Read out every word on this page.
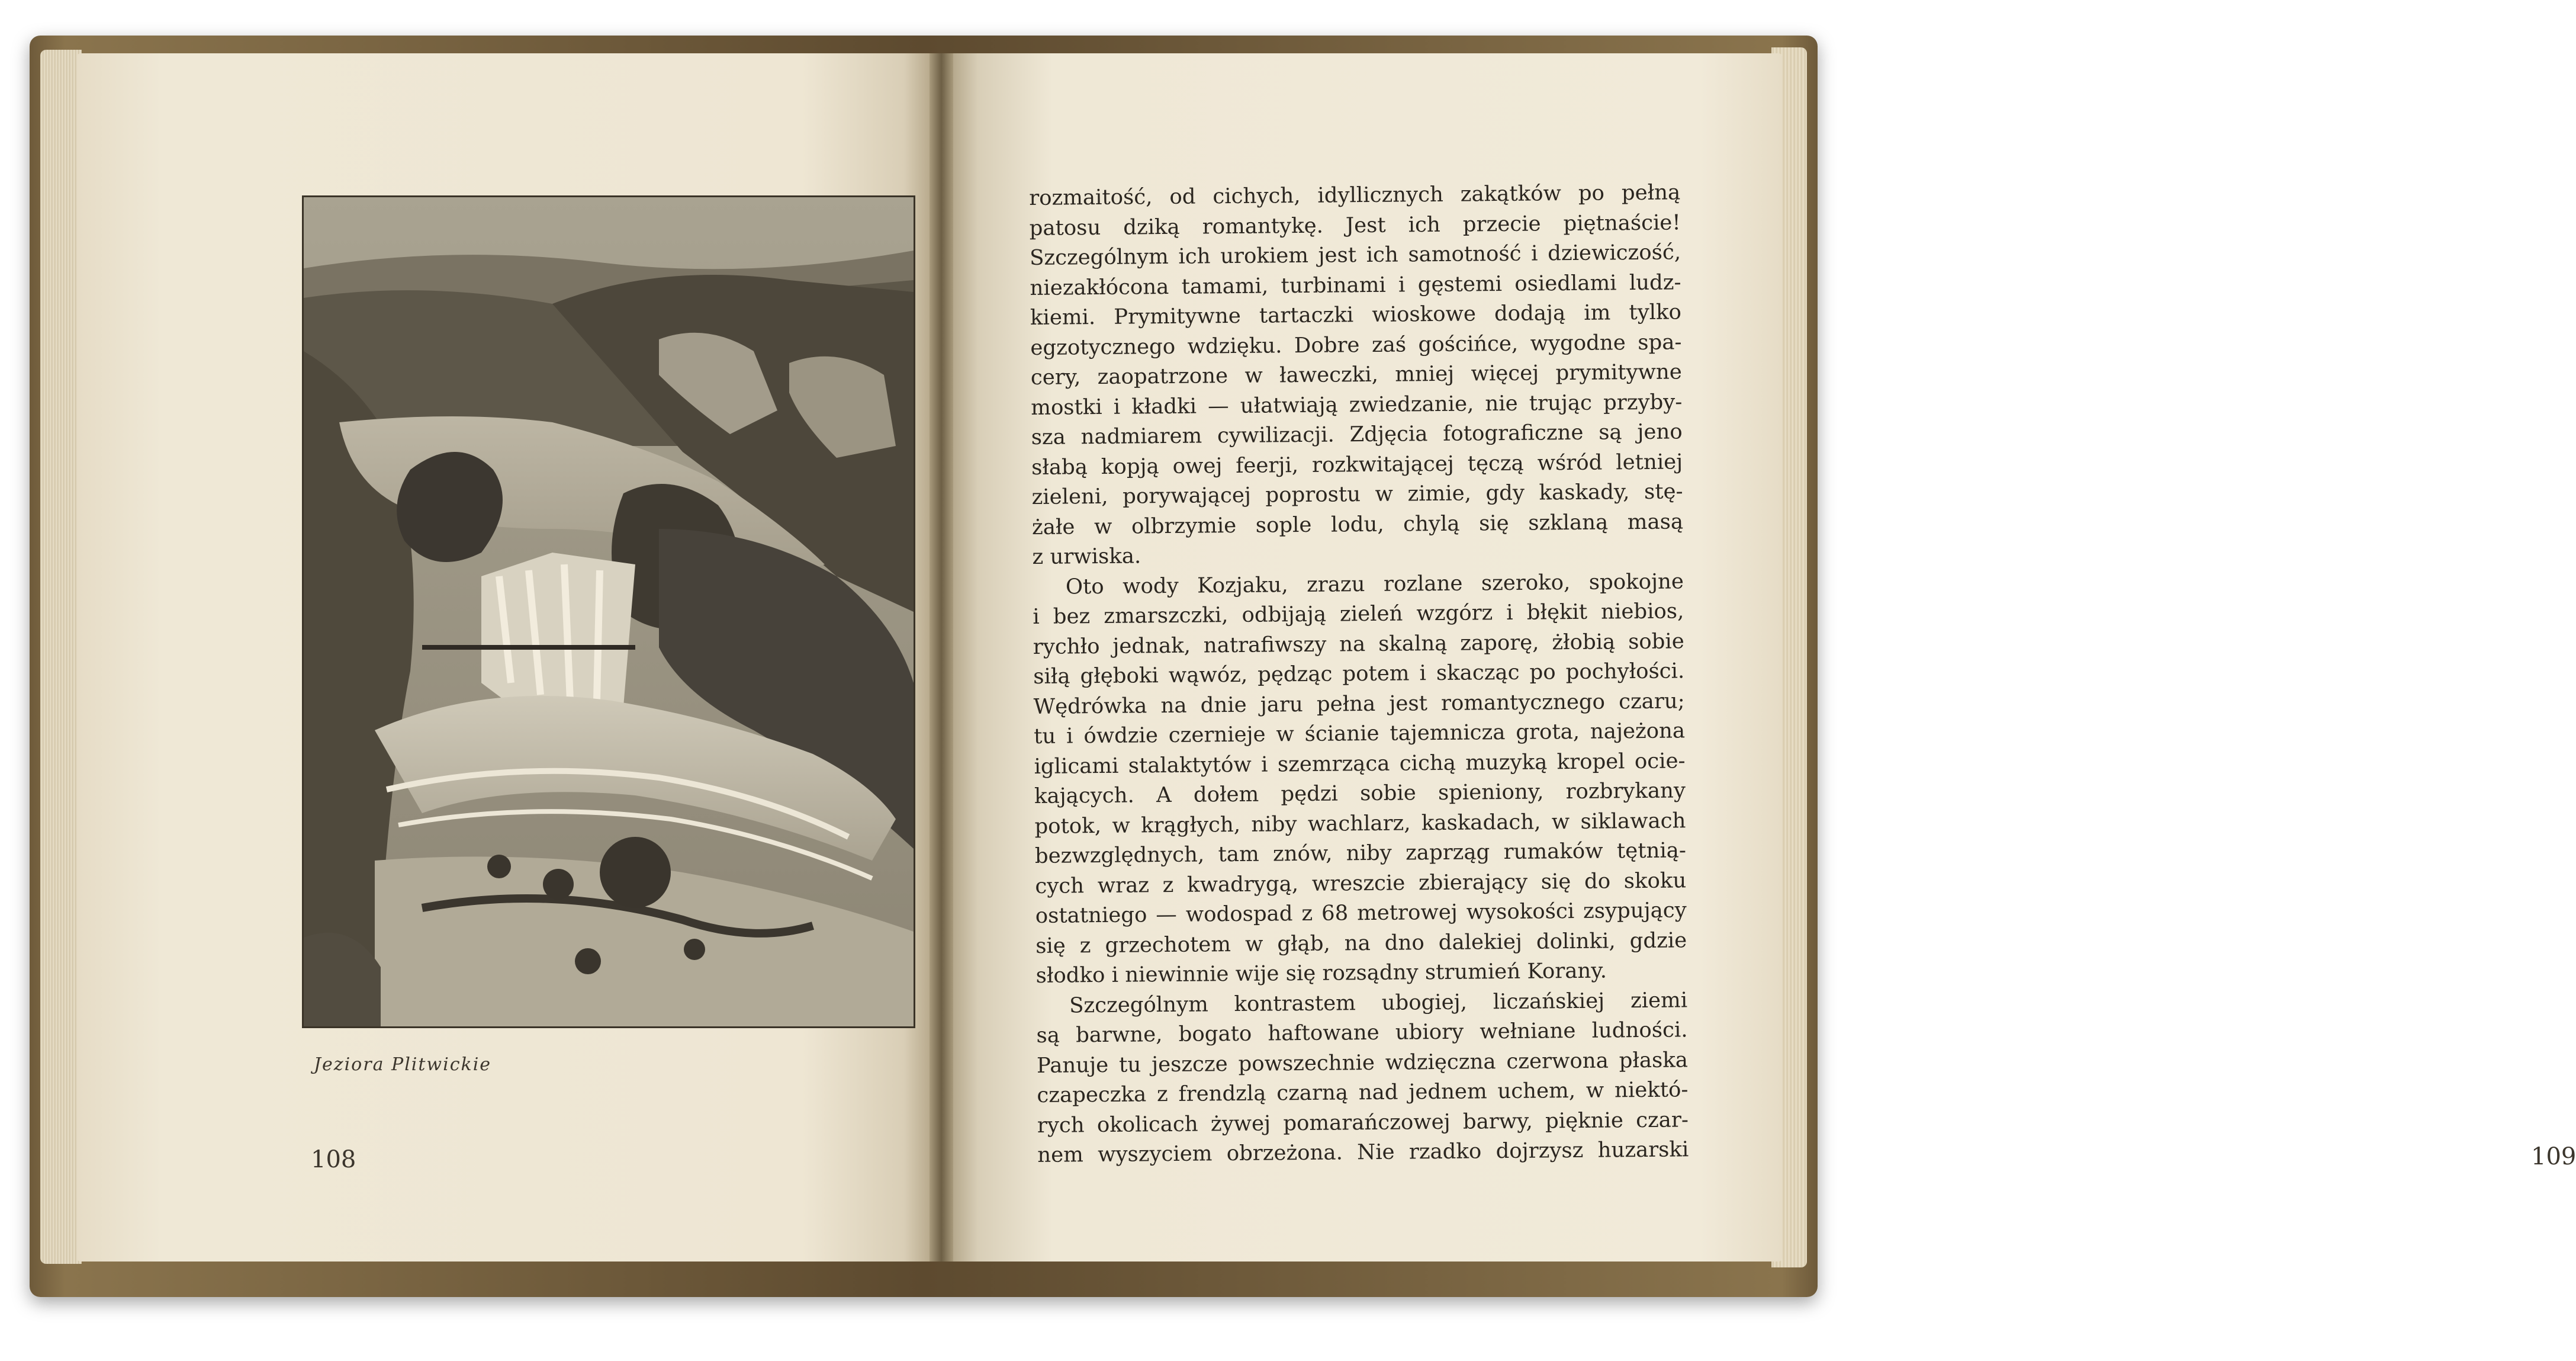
Jeziora Plitwickie
108	109
rozmaitość, od cichych, idyllicznych zakątków po pełną
patosu dziką romantykę. Jest ich przecie piętnaście!
Szczególnym ich urokiem jest ich samotność i dziewiczość,
niezakłócona tamami, turbinami i gęstemi osiedlami ludz-
kiemi. Prymitywne tartaczki wioskowe dodają im tylko
egzotycznego wdzięku. Dobre zaś gościńce, wygodne spa-
cery, zaopatrzone w ławeczki, mniej więcej prymitywne
mostki i kładki — ułatwiają zwiedzanie, nie trując przyby-
sza nadmiarem cywilizacji. Zdjęcia fotograficzne są jeno
słabą kopją owej feerji, rozkwitającej tęczą wśród letniej
zieleni, porywającej poprostu w zimie, gdy kaskady, stę-
żałe w olbrzymie sople lodu, chylą się szklaną masą
z urwiska.
Oto wody Kozjaku, zrazu rozlane szeroko, spokojne
i bez zmarszczki, odbijają zieleń wzgórz i błękit niebios,
rychło jednak, natrafiwszy na skalną zaporę, żłobią sobie
siłą głęboki wąwóz, pędząc potem i skacząc po pochyłości.
Wędrówka na dnie jaru pełna jest romantycznego czaru;
tu i ówdzie czernieje w ścianie tajemnicza grota, najeżona
iglicami stalaktytów i szemrząca cichą muzyką kropel ocie-
kających. A dołem pędzi sobie spieniony, rozbrykany
potok, w krągłych, niby wachlarz, kaskadach, w siklawach
bezwzględnych, tam znów, niby zaprząg rumaków tętnią-
cych wraz z kwadrygą, wreszcie zbierający się do skoku
ostatniego — wodospad z 68 metrowej wysokości zsypujący
się z grzechotem w głąb, na dno dalekiej dolinki, gdzie
słodko i niewinnie wije się rozsądny strumień Korany.
Szczególnym kontrastem ubogiej, liczańskiej ziemi
są barwne, bogato haftowane ubiory wełniane ludności.
Panuje tu jeszcze powszechnie wdzięczna czerwona płaska
czapeczka z frendzlą czarną nad jednem uchem, w niektó-
rych okolicach żywej pomarańczowej barwy, pięknie czar-
nem wyszyciem obrzeżona. Nie rzadko dojrzysz huzarski
